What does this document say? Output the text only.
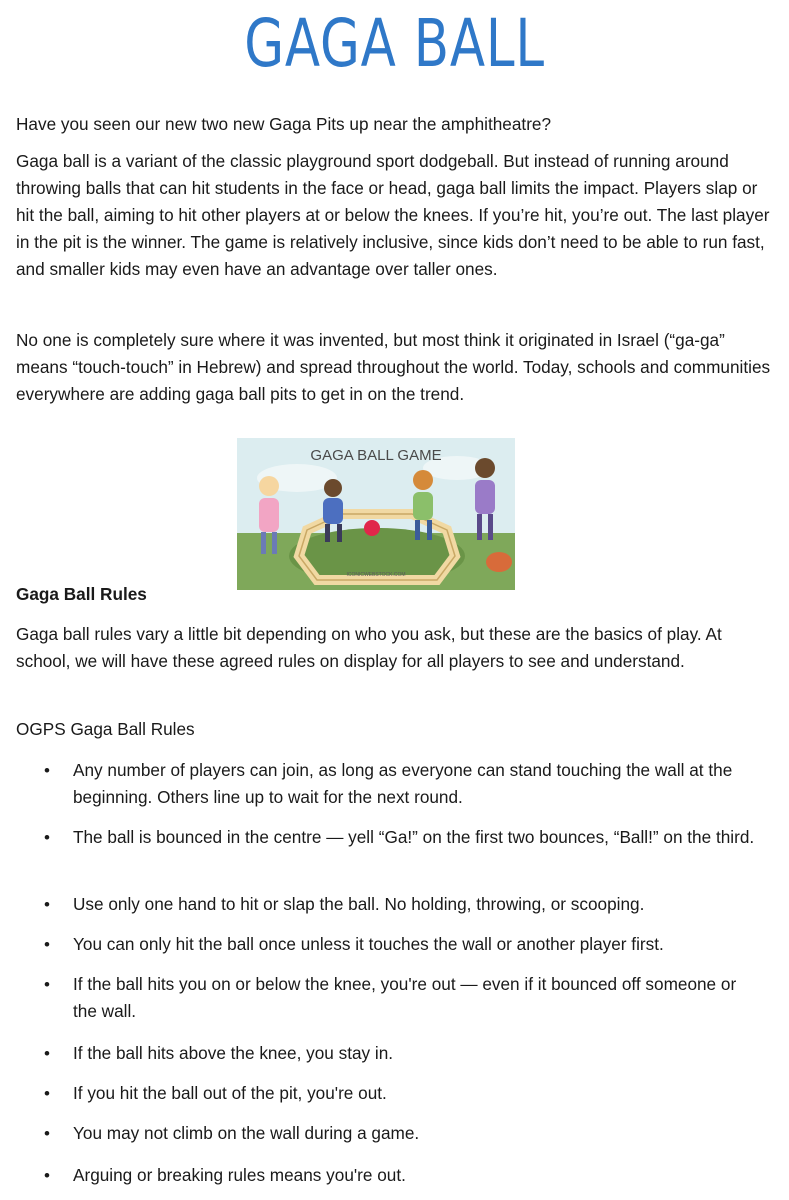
GAGA BALL

Have you seen our new two new Gaga Pits up near the amphitheatre?

Gaga ball is a variant of the classic playground sport dodgeball. But instead of running around throwing balls that can hit students in the face or head, gaga ball limits the impact. Players slap or hit the ball, aiming to hit other players at or below the knees. If you’re hit, you’re out. The last player in the pit is the winner. The game is relatively inclusive, since kids don’t need to be able to run fast, and smaller kids may even have an advantage over taller ones.

No one is completely sure where it was invented, but most think it originated in Israel (“ga-ga” means “touch-touch” in Hebrew) and spread throughout the world. Today, schools and communities everywhere are adding gaga ball pits to get in on the trend.

GAGA BALL GAME
ICONICWEBSTOCK.COM

Gaga Ball Rules

Gaga ball rules vary a little bit depending on who you ask, but these are the basics of play. At school, we will have these agreed rules on display for all players to see and understand.

OGPS Gaga Ball Rules

• Any number of players can join, as long as everyone can stand touching the wall at the beginning. Others line up to wait for the next round.
• The ball is bounced in the centre — yell “Ga!” on the first two bounces, “Ball!” on the third.
• Use only one hand to hit or slap the ball. No holding, throwing, or scooping.
• You can only hit the ball once unless it touches the wall or another player first.
• If the ball hits you on or below the knee, you're out — even if it bounced off someone or the wall.
• If the ball hits above the knee, you stay in.
• If you hit the ball out of the pit, you're out.
• You may not climb on the wall during a game.
• Arguing or breaking rules means you're out.
